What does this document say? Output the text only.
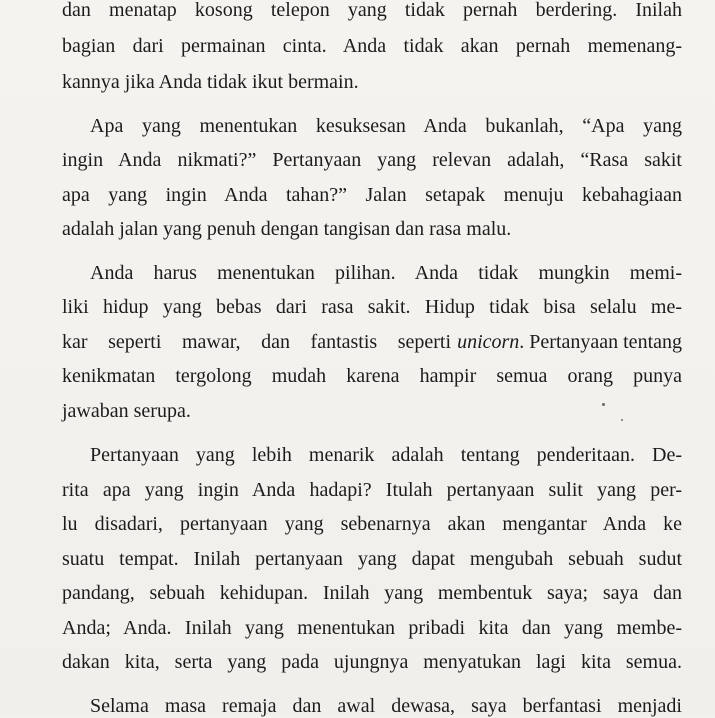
dan menatap kosong telepon yang tidak pernah berdering. Inilah
bagian dari permainan cinta. Anda tidak akan pernah memenang-
kannya jika Anda tidak ikut bermain.
Apa yang menentukan kesuksesan Anda bukanlah, “Apa yang
ingin Anda nikmati?” Pertanyaan yang relevan adalah, “Rasa sakit
apa yang ingin Anda tahan?” Jalan setapak menuju kebahagiaan
adalah jalan yang penuh dengan tangisan dan rasa malu.
Anda harus menentukan pilihan. Anda tidak mungkin memi-
liki hidup yang bebas dari rasa sakit. Hidup tidak bisa selalu me-
kar seperti mawar, dan fantastis seperti unicorn . Pertanyaan tentang
kenikmatan tergolong mudah karena hampir semua orang punya
jawaban serupa.
Pertanyaan yang lebih menarik adalah tentang penderitaan. De-
rita apa yang ingin Anda hadapi? Itulah pertanyaan sulit yang per-
lu disadari, pertanyaan yang sebenarnya akan mengantar Anda ke
suatu tempat. Inilah pertanyaan yang dapat mengubah sebuah sudut
pandang, sebuah kehidupan. Inilah yang membentuk saya; saya dan
Anda; Anda. Inilah yang menentukan pribadi kita dan yang membe-
dakan kita, serta yang pada ujungnya menyatukan lagi kita semua.
Selama masa remaja dan awal dewasa, saya berfantasi menjadi
